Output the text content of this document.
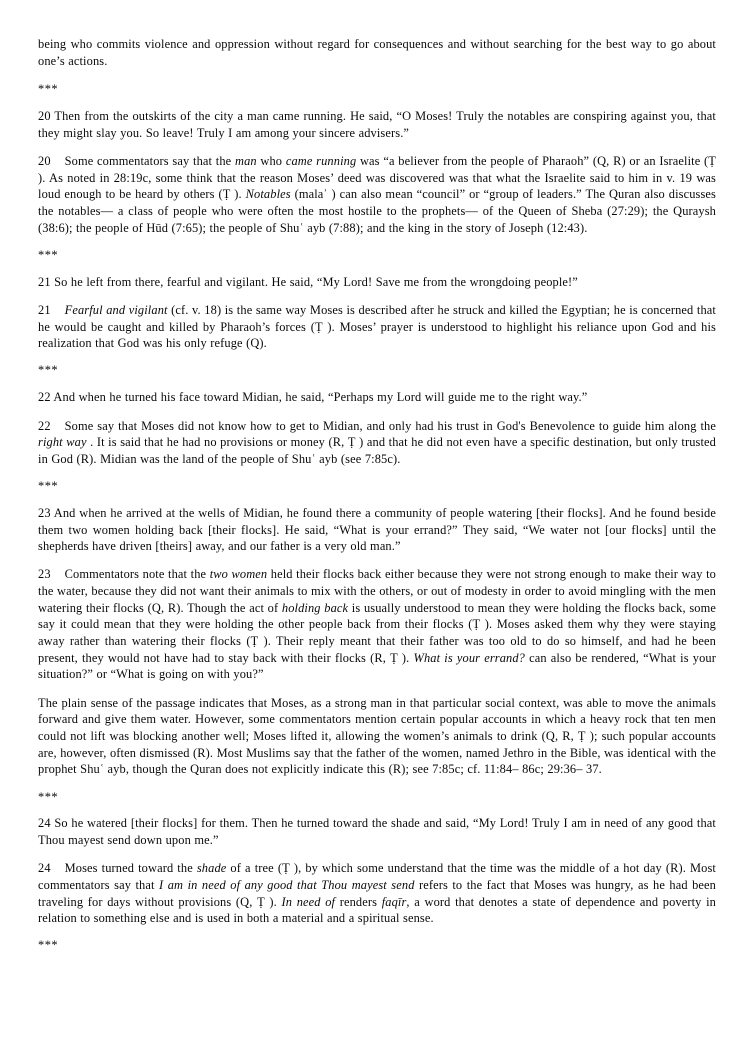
being who commits violence and oppression without regard for consequences and without searching for the best way to go about one’s actions.
***
20 Then from the outskirts of the city a man came running. He said, “O Moses! Truly the notables are conspiring against you, that they might slay you. So leave! Truly I am among your sincere advisers.”
20 Some commentators say that the man who came running was “a believer from the people of Pharaoh” (Q, R) or an Israelite (Ṭ ). As noted in 28:19c, some think that the reason Moses’ deed was discovered was that what the Israelite said to him in v. 19 was loud enough to be heard by others (Ṭ ). Notables (malaʾ ) can also mean “council” or “group of leaders.” The Quran also discusses the notables— a class of people who were often the most hostile to the prophets— of the Queen of Sheba (27:29); the Quraysh (38:6); the people of Hūd (7:65); the people of Shuʿ ayb (7:88); and the king in the story of Joseph (12:43).
***
21 So he left from there, fearful and vigilant. He said, “My Lord! Save me from the wrongdoing people!”
21 Fearful and vigilant (cf. v. 18) is the same way Moses is described after he struck and killed the Egyptian; he is concerned that he would be caught and killed by Pharaoh’s forces (Ṭ ). Moses’ prayer is understood to highlight his reliance upon God and his realization that God was his only refuge (Q).
***
22 And when he turned his face toward Midian, he said, “Perhaps my Lord will guide me to the right way.”
22 Some say that Moses did not know how to get to Midian, and only had his trust in God's Benevolence to guide him along the right way . It is said that he had no provisions or money (R, Ṭ ) and that he did not even have a specific destination, but only trusted in God (R). Midian was the land of the people of Shuʿ ayb (see 7:85c).
***
23 And when he arrived at the wells of Midian, he found there a community of people watering [their flocks]. And he found beside them two women holding back [their flocks]. He said, “What is your errand?” They said, “We water not [our flocks] until the shepherds have driven [theirs] away, and our father is a very old man.”
23 Commentators note that the two women held their flocks back either because they were not strong enough to make their way to the water, because they did not want their animals to mix with the others, or out of modesty in order to avoid mingling with the men watering their flocks (Q, R). Though the act of holding back is usually understood to mean they were holding the flocks back, some say it could mean that they were holding the other people back from their flocks (Ṭ ). Moses asked them why they were staying away rather than watering their flocks (Ṭ ). Their reply meant that their father was too old to do so himself, and had he been present, they would not have had to stay back with their flocks (R, Ṭ ). What is your errand? can also be rendered, “What is your situation?” or “What is going on with you?”
The plain sense of the passage indicates that Moses, as a strong man in that particular social context, was able to move the animals forward and give them water. However, some commentators mention certain popular accounts in which a heavy rock that ten men could not lift was blocking another well; Moses lifted it, allowing the women’s animals to drink (Q, R, Ṭ ); such popular accounts are, however, often dismissed (R). Most Muslims say that the father of the women, named Jethro in the Bible, was identical with the prophet Shuʿ ayb, though the Quran does not explicitly indicate this (R); see 7:85c; cf. 11:84– 86c; 29:36– 37.
***
24 So he watered [their flocks] for them. Then he turned toward the shade and said, “My Lord! Truly I am in need of any good that Thou mayest send down upon me.”
24 Moses turned toward the shade of a tree (Ṭ ), by which some understand that the time was the middle of a hot day (R). Most commentators say that I am in need of any good that Thou mayest send refers to the fact that Moses was hungry, as he had been traveling for days without provisions (Q, Ṭ ). In need of renders faqīr, a word that denotes a state of dependence and poverty in relation to something else and is used in both a material and a spiritual sense.
***
